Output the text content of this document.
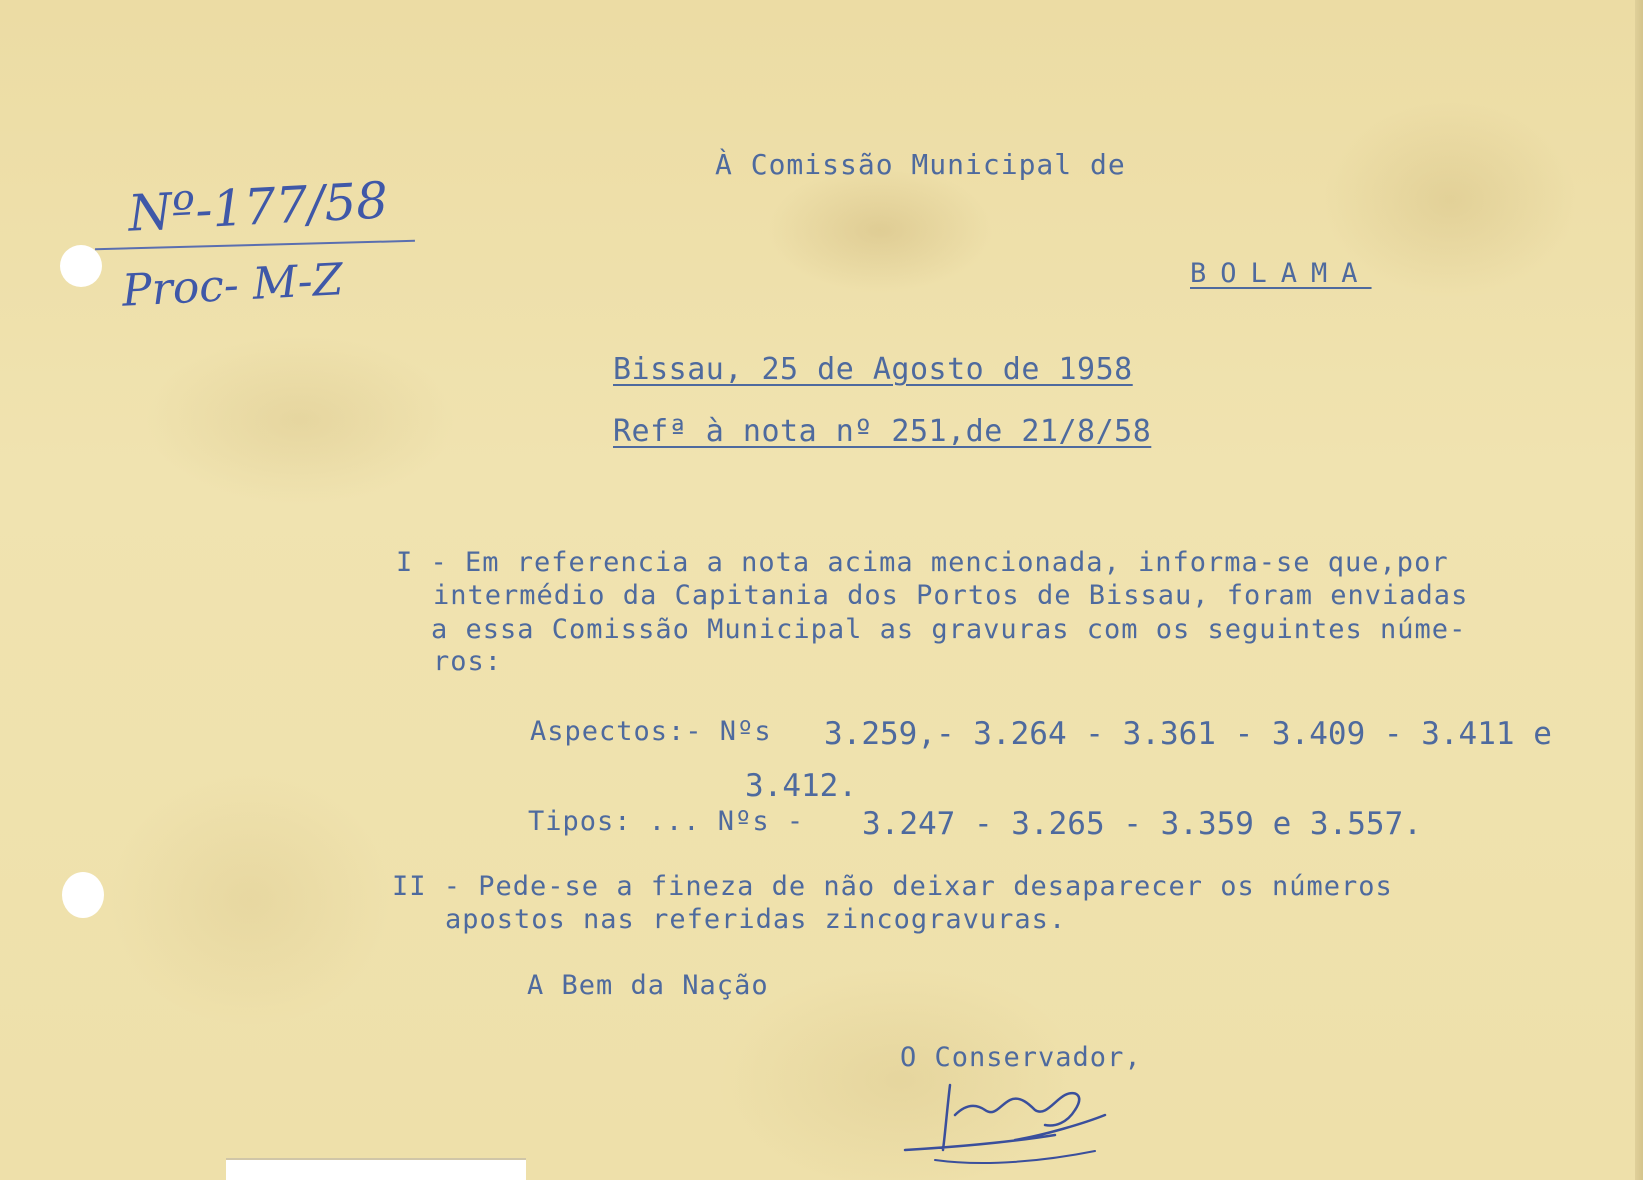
Nº-177/58
Proc- M-Z
À Comissão Municipal de
BOLAMA
Bissau, 25 de Agosto de 1958
Refª à nota nº 251,de 21/8/58
I - Em referencia a nota acima mencionada, informa-se que,por
intermédio da Capitania dos Portos de Bissau, foram enviadas
a essa Comissão Municipal as gravuras com os seguintes núme-
ros:
Aspectos:- Nºs 3.259,- 3.264 - 3.361 - 3.409 - 3.411 e
3.412.
Tipos: ... Nºs - 3.247 - 3.265 - 3.359 e 3.557.
II - Pede-se a fineza de não deixar desaparecer os números
apostos nas referidas zincogravuras.
A Bem da Nação
O Conservador,
